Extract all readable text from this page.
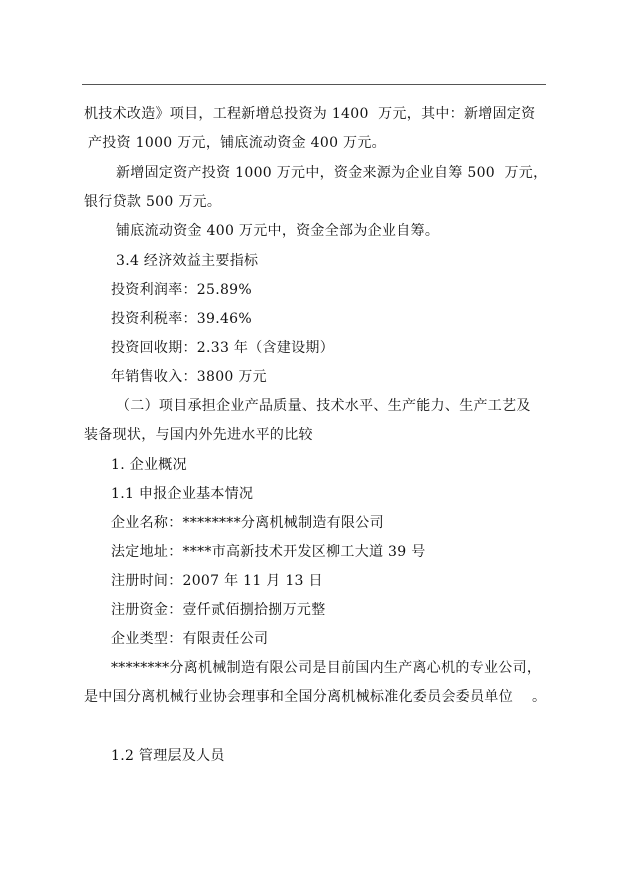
机技术改造》项目，工程新增总投资为 1400  万元，其中：新增固定资
产投资 1000 万元，铺底流动资金 400 万元。
新增固定资产投资 1000 万元中，资金来源为企业自筹 500  万元，
银行贷款 500 万元。
铺底流动资金 400 万元中，资金全部为企业自筹。
3.4 经济效益主要指标
投资利润率：25.89%
投资利税率：39.46%
投资回收期：2.33 年（含建设期）
年销售收入：3800 万元
（二）项目承担企业产品质量、技术水平、生产能力、生产工艺及
装备现状，与国内外先进水平的比较
1. 企业概况
1.1 申报企业基本情况
企业名称：********分离机械制造有限公司
法定地址：****市高新技术开发区柳工大道 39 号
注册时间：2007 年 11 月 13 日
注册资金：壹仟贰佰捌拾捌万元整
企业类型：有限责任公司
********分离机械制造有限公司是目前国内生产离心机的专业公司，
是中国分离机械行业协会理事和全国分离机械标准化委员会委员单位    。
1.2 管理层及人员
